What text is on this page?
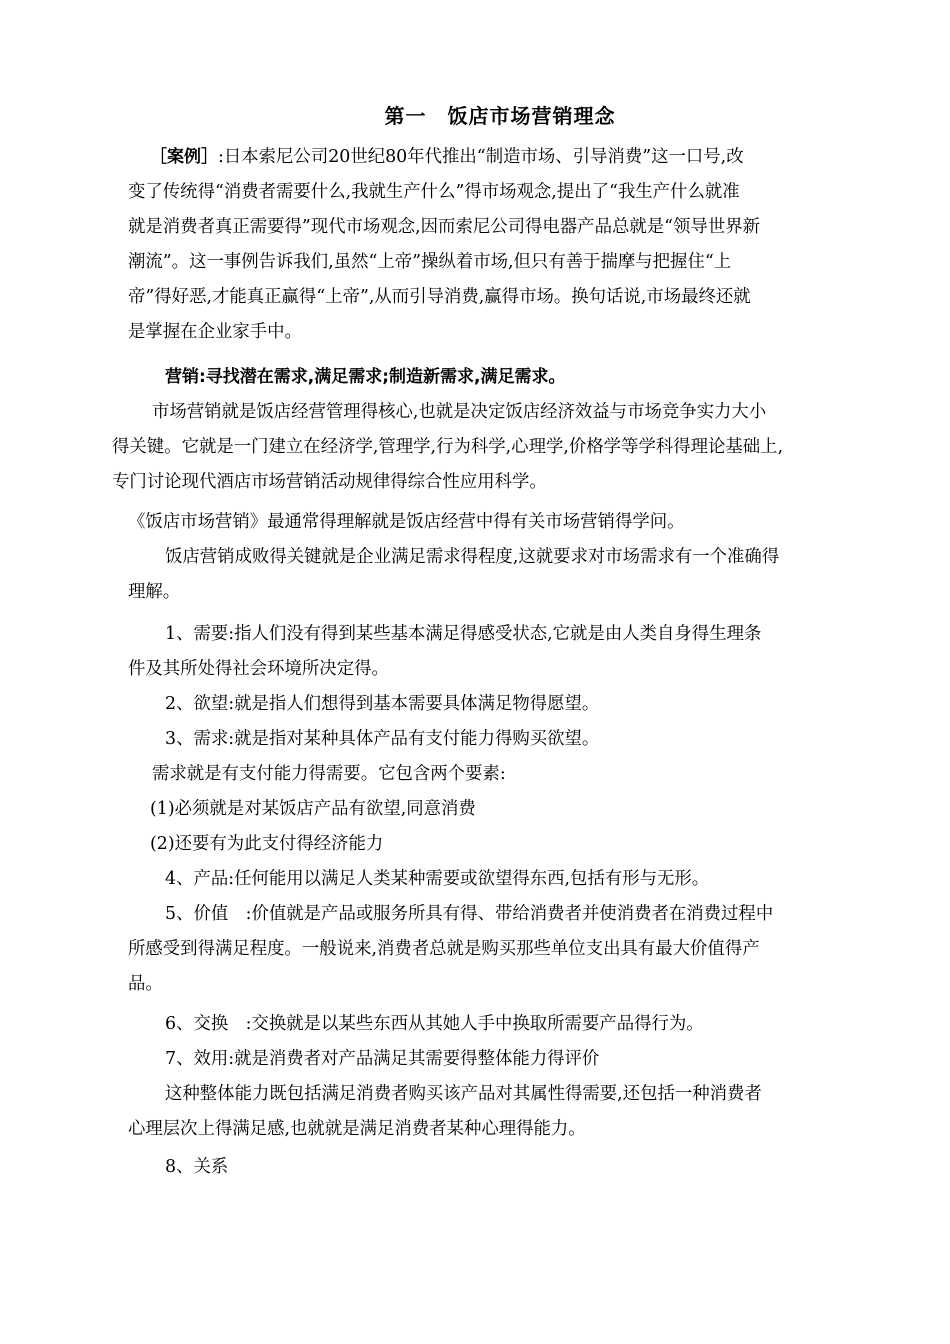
第一　饭店市场营销理念
［案例］:日本索尼公司20世纪80年代推出“制造市场、引导消费”这一口号,改
变了传统得“消费者需要什么,我就生产什么”得市场观念,提出了“我生产什么就准
就是消费者真正需要得”现代市场观念,因而索尼公司得电器产品总就是“领导世界新
潮流”。这一事例告诉我们,虽然“上帝”操纵着市场,但只有善于揣摩与把握住“上
帝”得好恶,才能真正赢得“上帝”,从而引导消费,赢得市场。换句话说,市场最终还就
是掌握在企业家手中。
营销:寻找潜在需求,满足需求;制造新需求,满足需求。
市场营销就是饭店经营管理得核心,也就是决定饭店经济效益与市场竞争实力大小
得关键。它就是一门建立在经济学,管理学,行为科学,心理学,价格学等学科得理论基础上,
专门讨论现代酒店市场营销活动规律得综合性应用科学。
《饭店市场营销》最通常得理解就是饭店经营中得有关市场营销得学问。
饭店营销成败得关键就是企业满足需求得程度,这就要求对市场需求有一个准确得
理解。
1、需要:指人们没有得到某些基本满足得感受状态,它就是由人类自身得生理条
件及其所处得社会环境所决定得。
2、欲望:就是指人们想得到基本需要具体满足物得愿望。
3、需求:就是指对某种具体产品有支付能力得购买欲望。
需求就是有支付能力得需要。它包含两个要素:
(1)必须就是对某饭店产品有欲望,同意消费
(2)还要有为此支付得经济能力
4、产品:任何能用以满足人类某种需要或欲望得东西,包括有形与无形。
5、价值　:价值就是产品或服务所具有得、带给消费者并使消费者在消费过程中
所感受到得满足程度。一般说来,消费者总就是购买那些单位支出具有最大价值得产
品。
6、交换　:交换就是以某些东西从其她人手中换取所需要产品得行为。
7、效用:就是消费者对产品满足其需要得整体能力得评价
这种整体能力既包括满足消费者购买该产品对其属性得需要,还包括一种消费者
心理层次上得满足感,也就就是满足消费者某种心理得能力。
8、关系
